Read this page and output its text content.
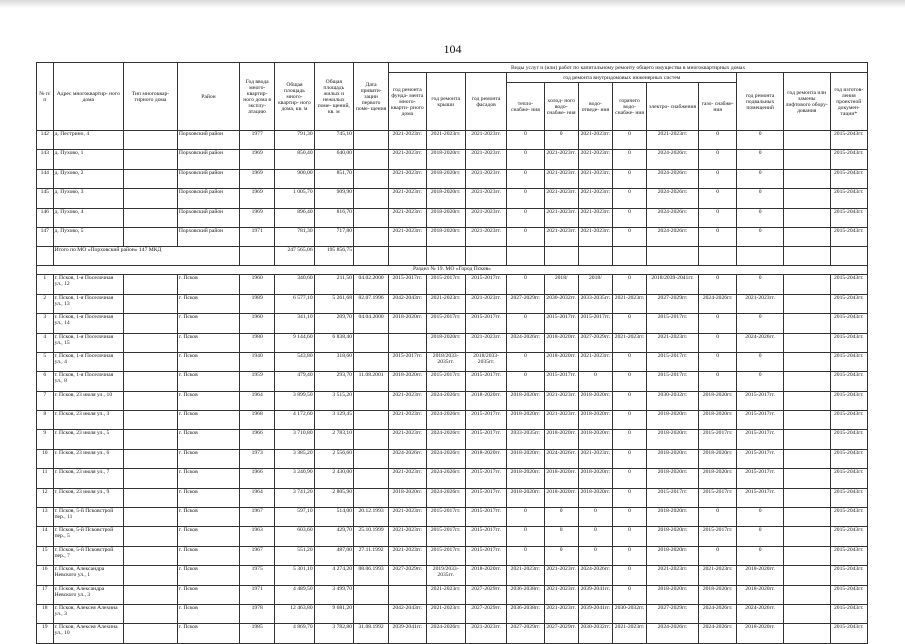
104
№ п/п	Адрес многоквартир- ного дома	Тип многоквар- тирного дома	Район	Год ввода много- квартир- ного дома в эксплу- атацию	Общая площадь много- квартир- ного дома, кв. м	Общая площадь жилых и нежилых поме- щений, кв. м	Дата привати- зации первого поме- щения	Виды услуг и (или) работ по капитальному ремонту общего имущества в многоквартирных домах											
								год ремонта фунда- мента много- кварти- рного дома	год ремонта крыши	год ремонта фасадов	год ремонта внутридомовых инженерных систем						год ремонта подвальных помещений	год ремонта или замены лифтового обору- дования	год изготов- ления проектной докумен- тации*
											тепло- снабже- ния	холод- ного водо- снабже- ния	водо- отведе- ния	горячего водо- снабже- ния	электро- снабжения	газо- снабже- ния			
142	д. Пестрино, 4		Порховский район	1977	791,30	745,10		2021-2023гг.	2021-2023гг.	2021-2023гг.	0	0	2021-2023гг.	0	2021-2023гг.	0	0		2015-2043гг.
143	д. Пухово, 1		Порховский район	1969	850,40	640,00		2021-2023гг.	2018-2020гг.	2021-2023гг.	0	2021-2023гг.	2021-2023гг.	0	2024-2026гг.	0	0		2015-2043гг.
144	д. Пухово, 2		Порховский район	1969	900,00	851,70		2021-2023гг.	2018-2020гг.	2021-2023гг.	0	2021-2023гг.	2021-2023гг.	0	2024-2026гг.	0	0		2015-2043гг.
145	д. Пухово, 3		Порховский район	1969	1 005,70	909,90		2021-2023гг.	2018-2020гг.	2021-2023гг.	0	2021-2023гг.	2021-2023гг.	0	2024-2026гг.	0	0		2015-2043гг.
146	д. Пухово, 4		Порховский район	1969	896,40	816,70		2021-2023гг.	2018-2020гг.	2021-2023гг.	0	2021-2023гг.	2021-2023гг.	0	2024-2026гг.	0	0		2015-2043гг.
147	д. Пухово, 5		Порховский район	1971	781,30	717,80		2021-2023гг.	2018-2020гг.	2021-2023гг.	0	2021-2023гг.	2021-2023гг.	0	2024-2026гг.	0	0		2015-2043гг.
	Итого по МО «Порховский район» 147 МКД				247 565,06	195 856,75													
Раздел № 19. МО «Город Псков»																			
1	г. Псков, 1-я Поселочная ул., 12		г. Псков	1960	340,60	211,50	04.02.2000	2015-2017гг.	2015-2017гг.	2015-2017гг.	0	2018/	2018/	0	2018/2039-2041гг.	0	0		2015-2043гг.
2	г. Псков, 1-я Поселочная ул., 13		г. Псков	1989	6 577,10	5 261,68	02.07.1996	2042-2043гг.	2021-2023гг.	2021-2023гг.	2027-2029гг.	2030-2032гг.	2033-2035гг.	2021-2023гг.	2027-2029гг.	2024-2026гг.	2021-2023гг.		2015-2043гг.
3	г. Псков, 1-я Поселочная ул., 14		г. Псков	1960	341,10	209,70	04.04.2000	2018-2020гг.	2015-2017гг.	2015-2017гг.	0	2015-2017гг.	2015-2017гг.	0	2015-2017гг.	0	0		2015-2043гг.
4	г. Псков, 1-я Поселочная ул., 15		г. Псков	1980	9 144,60	6 838,40			2018-2020гг.	2021-2023гг.	2024-2026гг.	2018-2020гг.	2027-2029гг.	2021-2023гг.	2021-2023гг.	0	2024-2026гг.		2015-2043гг.
5	г. Псков, 1-я Поселочная ул., 4		г. Псков	1940	543,80	318,60		2015-2017гг.	2018/2033-2035гг.	2018/2033-2035гг.	0	2018-2020гг.	2021-2023гг.	0	2015-2017гг.	0	0		2015-2043гг.
6	г. Псков, 1-я Поселочная ул., 8		г. Псков	1959	479,40	293,70	11.08.2001	2018-2020гг.	2015-2017гг.	2015-2017гг.	0	2015-2017гг.	0	0	2015-2017гг.	0	0		2015-2043гг.
7	г. Псков, 23 июля ул., 10		г. Псков	1964	3 899,50	3 515,20		2021-2023гг.	2024-2026гг.	2018-2020гг.	2018-2020гг.	2021-2023гг.	2018-2020гг.	0	2030-2032гг.	2018-2020гг.	2015-2017гг.		2015-2043гг.
8	г. Псков, 23 июля ул., 3		г. Псков	1968	4 172,60	3 129,45		2021-2023гг.	2024-2026гг.	2015-2017гг.	2018-2020гг.	2021-2023гг.	2018-2020гг.	0	2018-2020гг.	2018-2020гг.	2015-2017гг.		2015-2043гг.
9	г. Псков, 23 июля ул., 5		г. Псков	1966	3 710,80	2 783,10		2021-2023гг.	2024-2026гг.	2015-2017гг.	2033-2035гг.	2018-2020гг.	2018-2020гг.	0	2018-2020гг.	2015-2017гг.	2015-2017гг.		2015-2043гг.
10	г. Псков, 23 июля ул., 6		г. Псков	1973	3 385,20	2 556,60		2024-2026гг.	2024-2026гг.	2018-2020гг.	2018-2020гг.	2024-2026гг.	2021-2023гг.	0	2018-2020гг.	2018-2020гг.	2015-2017гг.		2015-2043гг.
11	г. Псков, 23 июля ул., 7		г. Псков	1966	3 240,90	2 430,00		2021-2023гг.	2024-2026гг.	2015-2017гг.	2018-2020гг.	2018-2020гг.	2018-2020гг.	0	2018-2020гг.	2018-2020гг.	2015-2017гг.		2015-2043гг.
12	г. Псков, 23 июля ул., 9		г. Псков	1964	3 741,20	2 805,90		2018-2020гг.	2024-2026гг.	2015-2017гг.	2018-2020гг.	2018-2020гг.	2018-2020гг.	0	2015-2017гг.	2015-2017гг.	2015-2017гг.		2015-2043гг.
13	г. Псков, 5-й Псковстрой пер., 11		г. Псков	1967	597,10	514,00	20.12.1993	2021-2023гг.	2015-2017гг.	2015-2017гг.	0	0	0	0	2018-2020гг.	0	0		2015-2043гг.
14	г. Псков, 5-й Псковстрой пер., 5		г. Псков	1963	603,60	429,70	25.10.1999	2021-2023гг.	2015-2017гг.	2015-2017гг.	0	0	0	0	2018-2020гг.	2015-2017гг.	0		2015-2043гг.
15	г. Псков, 5-й Псковстрой пер., 7		г. Псков	1967	551,20	487,00	27.11.1992	2021-2023гг.	2015-2017гг.	2015-2017гг.	0	0	0	0	2018-2020гг.	0	0		2015-2043гг.
16	г. Псков, Александра Невского ул., 1		г. Псков	1975	5 301,10	4 274,20	08.06.1993	2027-2029гг.	2019/2033-2035гг.	2018-2020гг.	2021-2023гг.	2021-2023гг.	2024-2026гг.	0	2021-2023гг.	2021-2023гг.	2018-2020гг.		2015-2043гг.
17	г. Псков, Александра Невского ул., 3		г. Псков	1971	4 489,50	3 499,70			2021-2023гг.	2027-2029гг.	2036-2038гг.	2021-2023гг.	2039-2041гг.	0	2018-2020гг.	2018-2020гг.	2018-2020гг.		2015-2043гг.
18	г. Псков, Алексея Алехина ул., 3		г. Псков	1978	12 463,80	9 681,20		2042-2043гг.	2021-2023гг.	2027-2029гг.	2036-2038гг.	2021-2023гг.	2039-2041гг.	2030-2032гг.	2027-2029гг.	2024-2026гг.	2024-2026гг.		2015-2043гг.
19	г. Псков, Алексея Алехина ул., 10		г. Псков	1985	4 869,70	3 782,80	31.08.1992	2039-2041гг.	2024-2026гг.	2021-2023гг.	2027-2029гг.	2027-2029гг.	2030-2032гг.	2021-2023гг.	2024-2026гг.	2024-2026гг.	2018-2020гг.		2015-2043гг.
